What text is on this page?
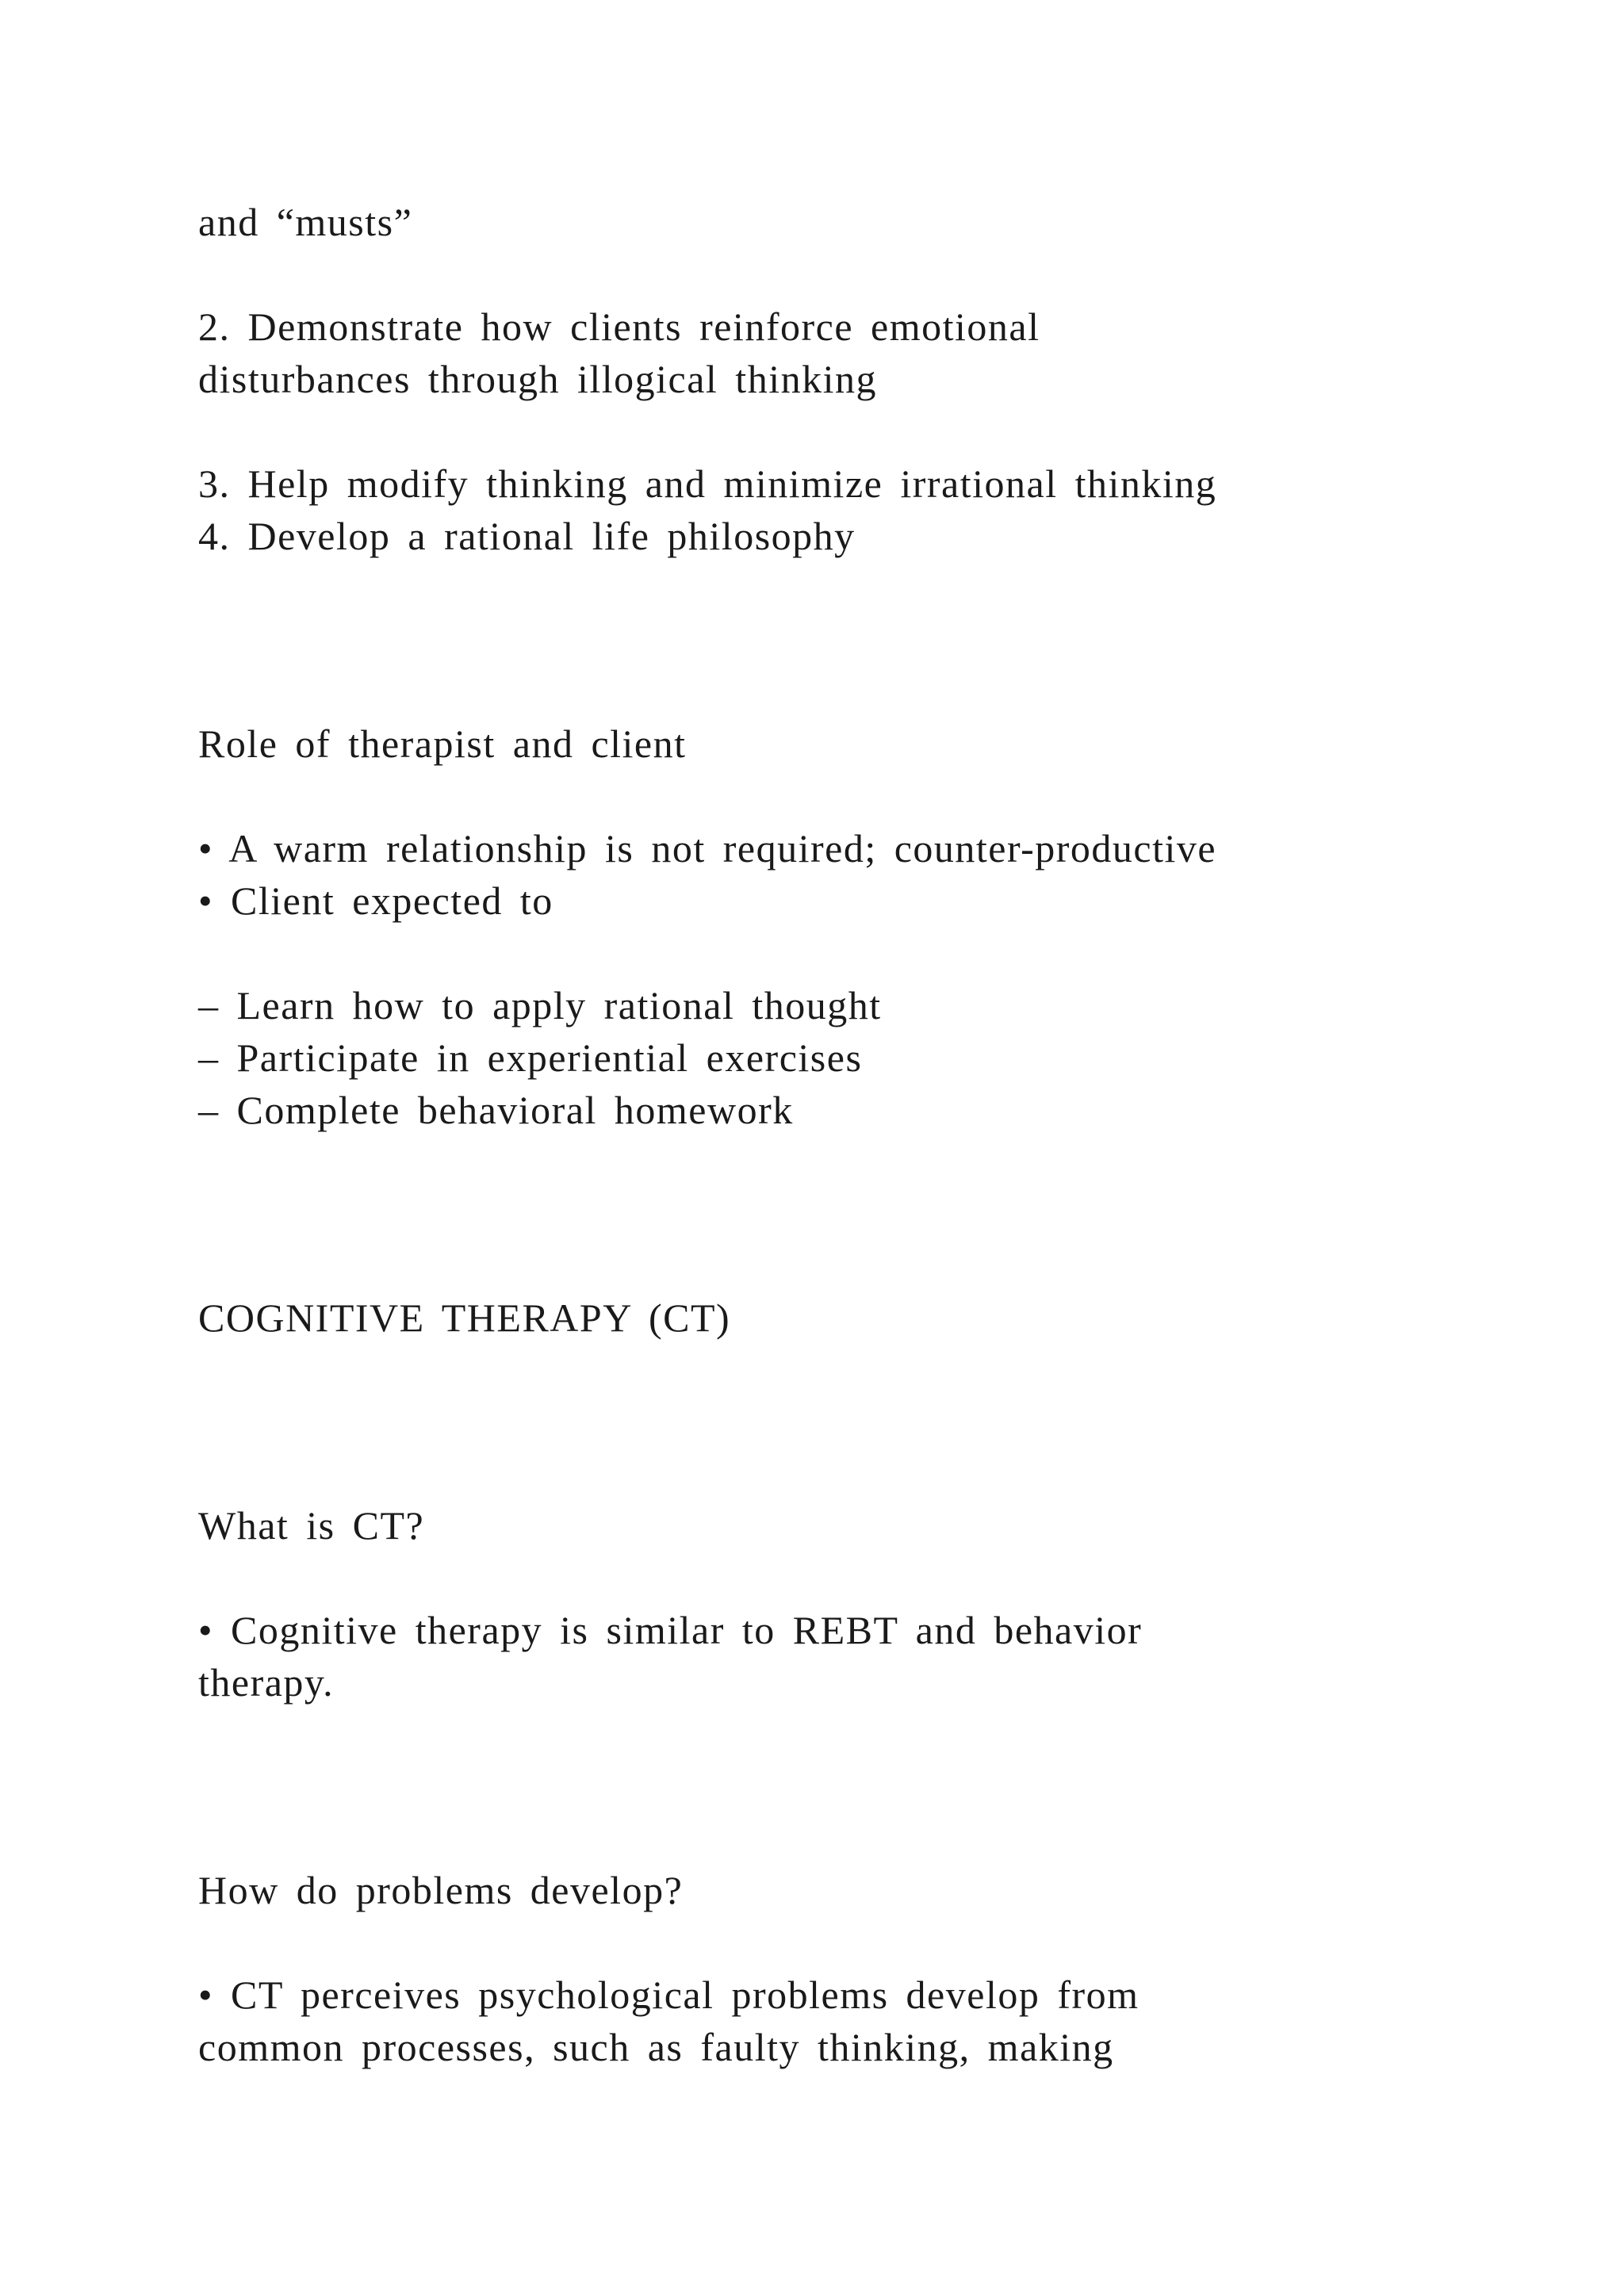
and “musts”
2. Demonstrate how clients reinforce emotional
disturbances through illogical thinking
3. Help modify thinking and minimize irrational thinking
4. Develop a rational life philosophy
Role of therapist and client
• A warm relationship is not required; counter-productive
• Client expected to
– Learn how to apply rational thought
– Participate in experiential exercises
– Complete behavioral homework
COGNITIVE THERAPY (CT)
What is CT?
• Cognitive therapy is similar to REBT and behavior
therapy.
How do problems develop?
• CT perceives psychological problems develop from
common processes, such as faulty thinking, making
